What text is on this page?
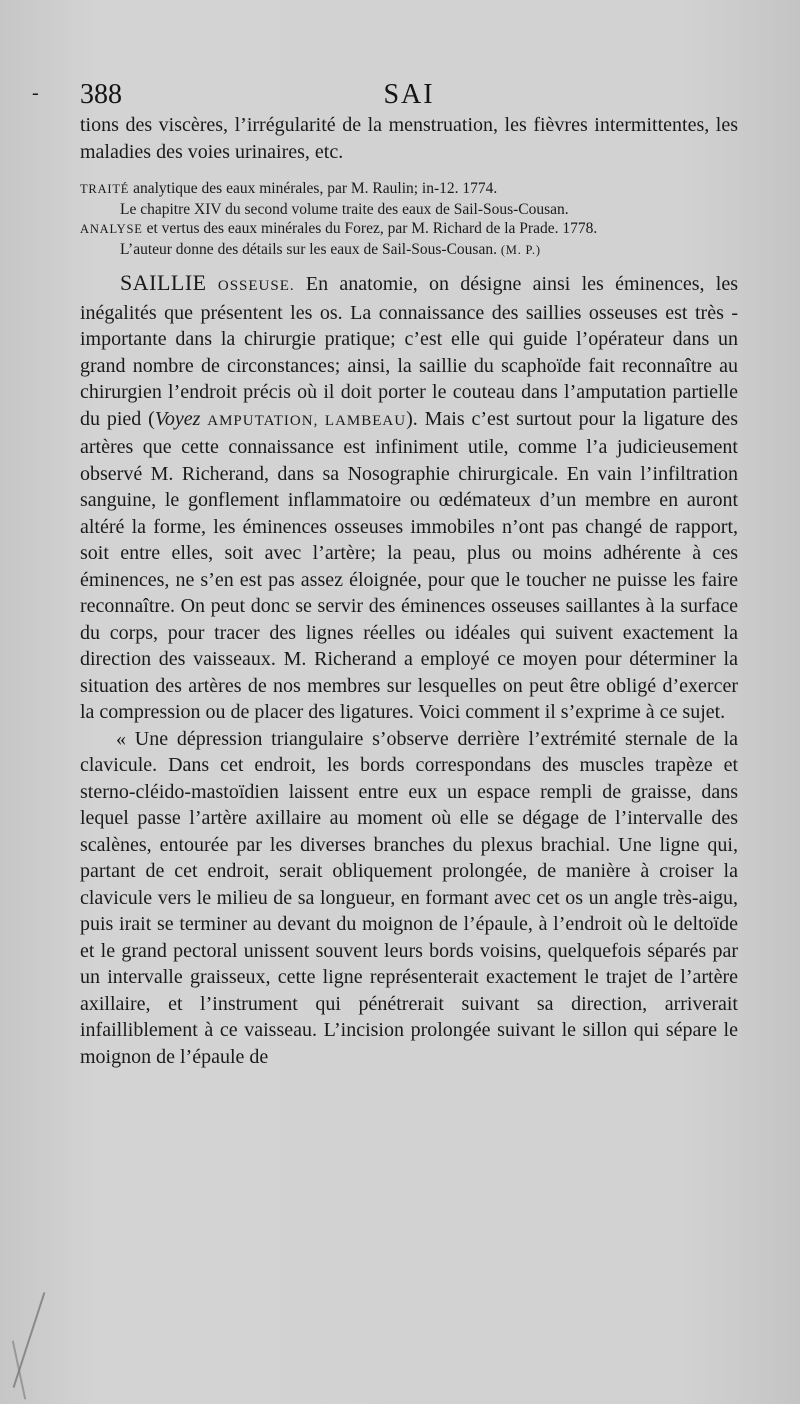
- 388	SAI

tions des viscères, l’irrégularité de la menstruation, les fièvres intermittentes, les maladies des voies urinaires, etc.

TRAITÉ analytique des eaux minérales, par M. Raulin; in-12. 1774.

Le chapitre XIV du second volume traite des eaux de Sail-Sous-Cousan.

ANALYSE et vertus des eaux minérales du Forez, par M. Richard de la Prade. 1778.

L’auteur donne des détails sur les eaux de Sail-Sous-Cousan. (M. P.)

SAILLIE OSSEUSE. En anatomie, on désigne ainsi les éminences, les inégalités que présentent les os. La connaissance des saillies osseuses est très - importante dans la chirurgie pratique; c’est elle qui guide l’opérateur dans un grand nombre de circonstances; ainsi, la saillie du scaphoïde fait reconnaître au chirurgien l’endroit précis où il doit porter le couteau dans l’amputation partielle du pied (Voyez AMPUTATION, LAMBEAU). Mais c’est surtout pour la ligature des artères que cette connaissance est infiniment utile, comme l’a judicieusement observé M. Richerand, dans sa Nosographie chirurgicale. En vain l’infiltration sanguine, le gonflement inflammatoire ou œdémateux d’un membre en auront altéré la forme, les éminences osseuses immobiles n’ont pas changé de rapport, soit entre elles, soit avec l’artère; la peau, plus ou moins adhérente à ces éminences, ne s’en est pas assez éloignée, pour que le toucher ne puisse les faire reconnaître. On peut donc se servir des éminences osseuses saillantes à la surface du corps, pour tracer des lignes réelles ou idéales qui suivent exactement la direction des vaisseaux. M. Richerand a employé ce moyen pour déterminer la situation des artères de nos membres sur lesquelles on peut être obligé d’exercer la compression ou de placer des ligatures. Voici comment il s’exprime à ce sujet.

« Une dépression triangulaire s’observe derrière l’extrémité sternale de la clavicule. Dans cet endroit, les bords correspondans des muscles trapèze et sterno-cléido-mastoïdien laissent entre eux un espace rempli de graisse, dans lequel passe l’artère axillaire au moment où elle se dégage de l’intervalle des scalènes, entourée par les diverses branches du plexus brachial. Une ligne qui, partant de cet endroit, serait obliquement prolongée, de manière à croiser la clavicule vers le milieu de sa longueur, en formant avec cet os un angle très-aigu, puis irait se terminer au devant du moignon de l’épaule, à l’endroit où le deltoïde et le grand pectoral unissent souvent leurs bords voisins, quelquefois séparés par un intervalle graisseux, cette ligne représenterait exactement le trajet de l’artère axillaire, et l’instrument qui pénétrerait suivant sa direction, arriverait infailliblement à ce vaisseau. L’incision prolongée suivant le sillon qui sépare le moignon de l’épaule de
